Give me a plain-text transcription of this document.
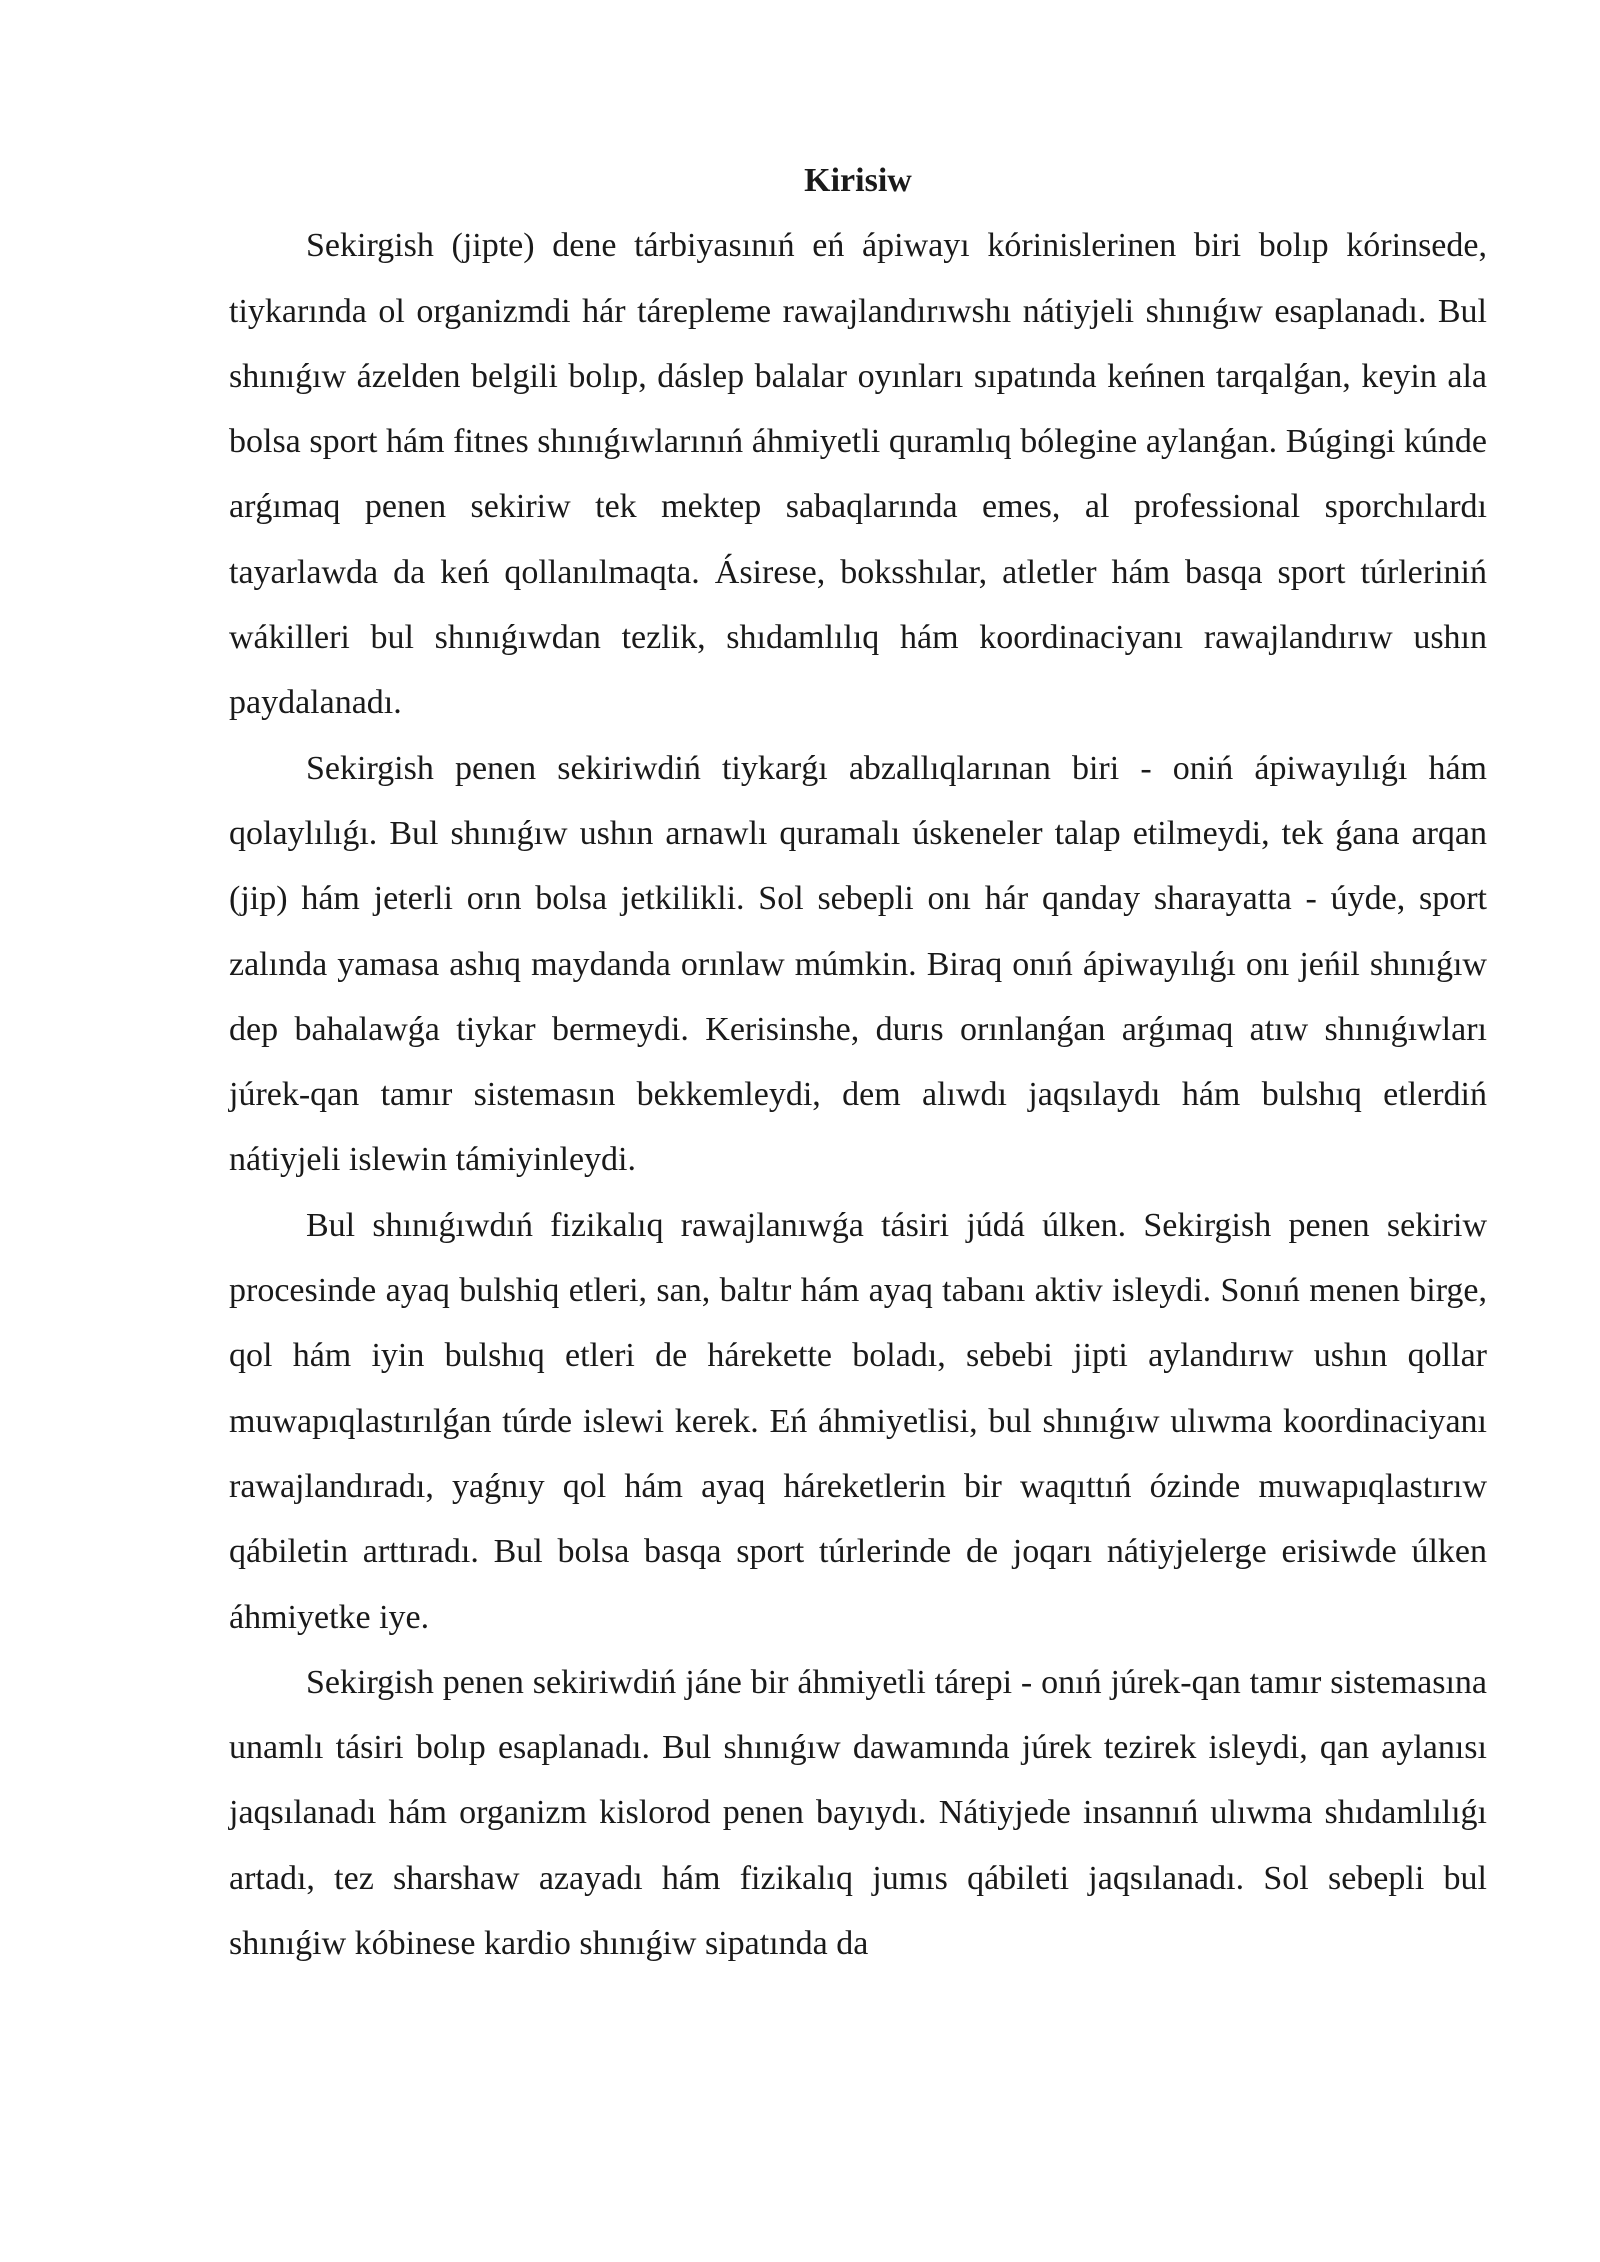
Kirisiw

Sekirgish (jipte) dene tárbiyasınıń eń ápiwayı kórinislerinen biri bolıp kórinsede, tiykarında ol organizmdi hár tárepleme rawajlandırıwshı nátiyjeli shınıǵıw esaplanadı. Bul shınıǵıw ázelden belgili bolıp, dáslep balalar oyınları sıpatında keńnen tarqalǵan, keyin ala bolsa sport hám fitnes shınıǵıwlarınıń áhmiyetli quramlıq bólegine aylanǵan. Búgingi kúnde arǵımaq penen sekiriw tek mektep sabaqlarında emes, al professional sporchılardı tayarlawda da keń qollanılmaqta. Ásirese, boksshılar, atletler hám basqa sport túrleriniń wákilleri bul shınıǵıwdan tezlik, shıdamlılıq hám koordinaciyanı rawajlandırıw ushın paydalanadı.

Sekirgish penen sekiriwdiń tiykarǵı abzallıqlarınan biri - oniń ápiwayılıǵı hám qolaylılıǵı. Bul shınıǵıw ushın arnawlı quramalı úskeneler talap etilmeydi, tek ǵana arqan (jip) hám jeterli orın bolsa jetkilikli. Sol sebepli onı hár qanday sharayatta - úyde, sport zalında yamasa ashıq maydanda orınlaw múmkin. Biraq onıń ápiwayılıǵı onı jeńil shınıǵıw dep bahalawǵa tiykar bermeydi. Kerisinshe, durıs orınlanǵan arǵımaq atıw shınıǵıwları júrek-qan tamır sistemasın bekkemleydi, dem alıwdı jaqsılaydı hám bulshıq etlerdiń nátiyjeli islewin támiyinleydi.

Bul shınıǵıwdıń fizikalıq rawajlanıwǵa tásiri júdá úlken. Sekirgish penen sekiriw procesinde ayaq bulshiq etleri, san, baltır hám ayaq tabanı aktiv isleydi. Sonıń menen birge, qol hám iyin bulshıq etleri de hárekette boladı, sebebi jipti aylandırıw ushın qollar muwapıqlastırılǵan túrde islewi kerek. Eń áhmiyetlisi, bul shınıǵıw ulıwma koordinaciyanı rawajlandıradı, yaǵnıy qol hám ayaq háreketlerin bir waqıttıń ózinde muwapıqlastırıw qábiletin arttıradı. Bul bolsa basqa sport túrlerinde de joqarı nátiyjelerge erisiwde úlken áhmiyetke iye.

Sekirgish penen sekiriwdiń jáne bir áhmiyetli tárepi - onıń júrek-qan tamır sistemasına unamlı tásiri bolıp esaplanadı. Bul shınıǵıw dawamında júrek tezirek isleydi, qan aylanısı jaqsılanadı hám organizm kislorod penen bayıydı. Nátiyjede insannıń ulıwma shıdamlılıǵı artadı, tez sharshaw azayadı hám fizikalıq jumıs qábileti jaqsılanadı. Sol sebepli bul shınıǵiw kóbinese kardio shınıǵiw sipatında da
